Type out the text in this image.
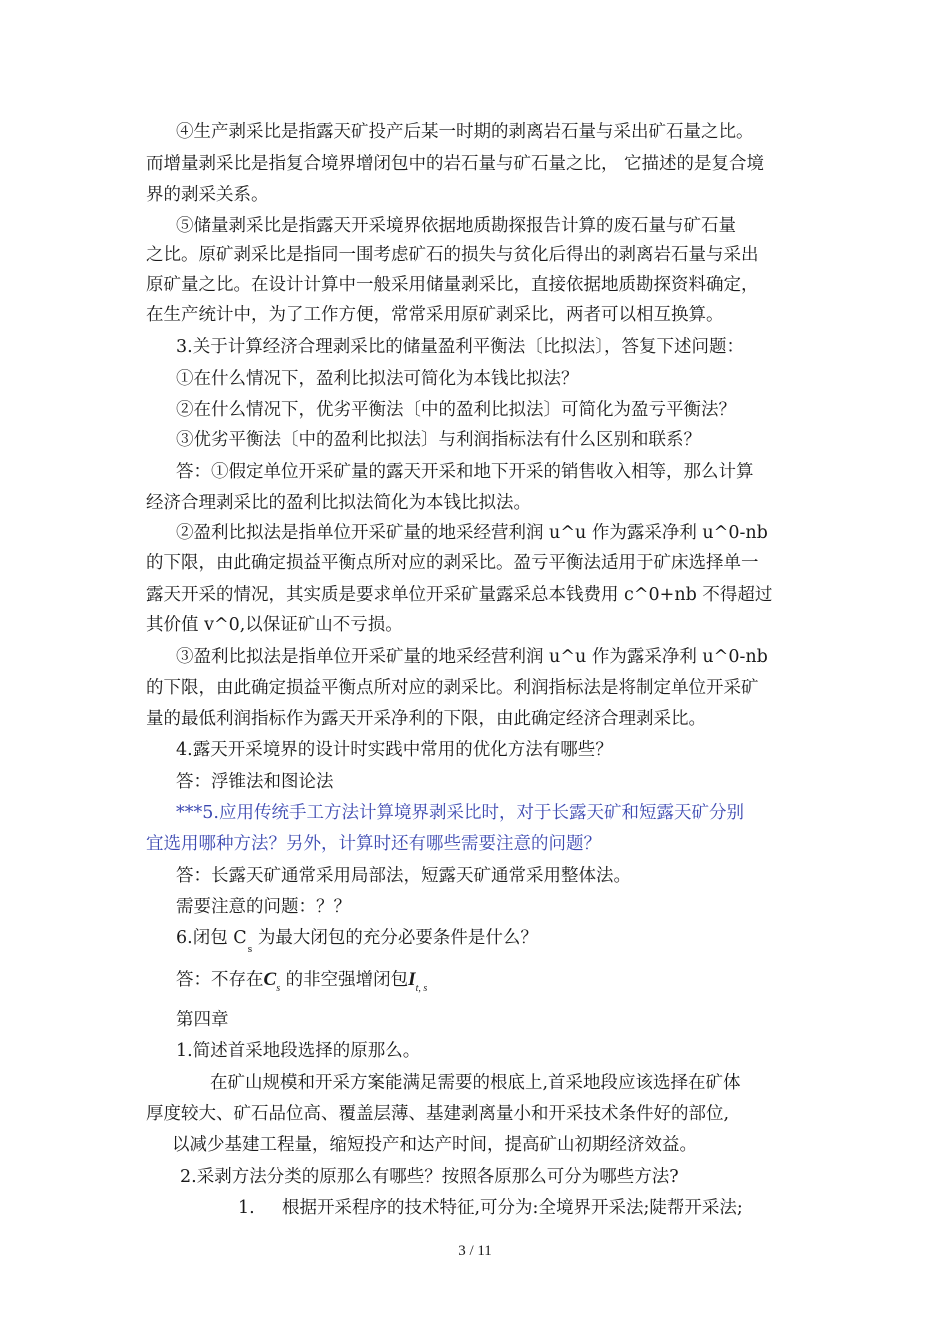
④生产剥采比是指露天矿投产后某一时期的剥离岩石量与采出矿石量之比。

而增量剥采比是指复合境界增闭包中的岩石量与矿石量之比， 它描述的是复合境

界的剥采关系。

⑤储量剥采比是指露天开采境界依据地质勘探报告计算的废石量与矿石量

之比。原矿剥采比是指同一围考虑矿石的损失与贫化后得出的剥离岩石量与采出

原矿量之比。在设计计算中一般采用储量剥采比，直接依据地质勘探资料确定，

在生产统计中，为了工作方便，常常采用原矿剥采比，两者可以相互换算。

3.关于计算经济合理剥采比的储量盈利平衡法〔比拟法〕，答复下述问题：

①在什么情况下，盈利比拟法可简化为本钱比拟法？

②在什么情况下，优劣平衡法〔中的盈利比拟法〕可简化为盈亏平衡法？

③优劣平衡法〔中的盈利比拟法〕与利润指标法有什么区别和联系？

答：①假定单位开采矿量的露天开采和地下开采的销售收入相等，那么计算

经济合理剥采比的盈利比拟法简化为本钱比拟法。

②盈利比拟法是指单位开采矿量的地采经营利润 u^u 作为露采净利 u^0-nb

的下限，由此确定损益平衡点所对应的剥采比。盈亏平衡法适用于矿床选择单一

露天开采的情况，其实质是要求单位开采矿量露采总本钱费用 c^0+nb 不得超过

其价值 v^0,以保证矿山不亏损。

③盈利比拟法是指单位开采矿量的地采经营利润 u^u 作为露采净利 u^0-nb

的下限，由此确定损益平衡点所对应的剥采比。利润指标法是将制定单位开采矿

量的最低利润指标作为露天开采净利的下限，由此确定经济合理剥采比。

4.露天开采境界的设计时实践中常用的优化方法有哪些？

答：浮锥法和图论法

***5.应用传统手工方法计算境界剥采比时，对于长露天矿和短露天矿分别

宜选用哪种方法？另外，计算时还有哪些需要注意的问题？

答：长露天矿通常采用局部法，短露天矿通常采用整体法。

需要注意的问题：？？

6.闭包 $C_s$ 为最大闭包的充分必要条件是什么？

答：不存在$C_s$ 的非空强增闭包$I_{t, s}$

第四章

1.简述首采地段选择的原那么。

在矿山规模和开采方案能满足需要的根底上,首采地段应该选择在矿体

厚度较大、矿石品位高、覆盖层薄、基建剥离量小和开采技术条件好的部位,

以减少基建工程量，缩短投产和达产时间，提高矿山初期经济效益。

2.采剥方法分类的原那么有哪些？按照各原那么可分为哪些方法?

1. 根据开采程序的技术特征,可分为:全境界开采法;陡帮开采法;

3 / 11
